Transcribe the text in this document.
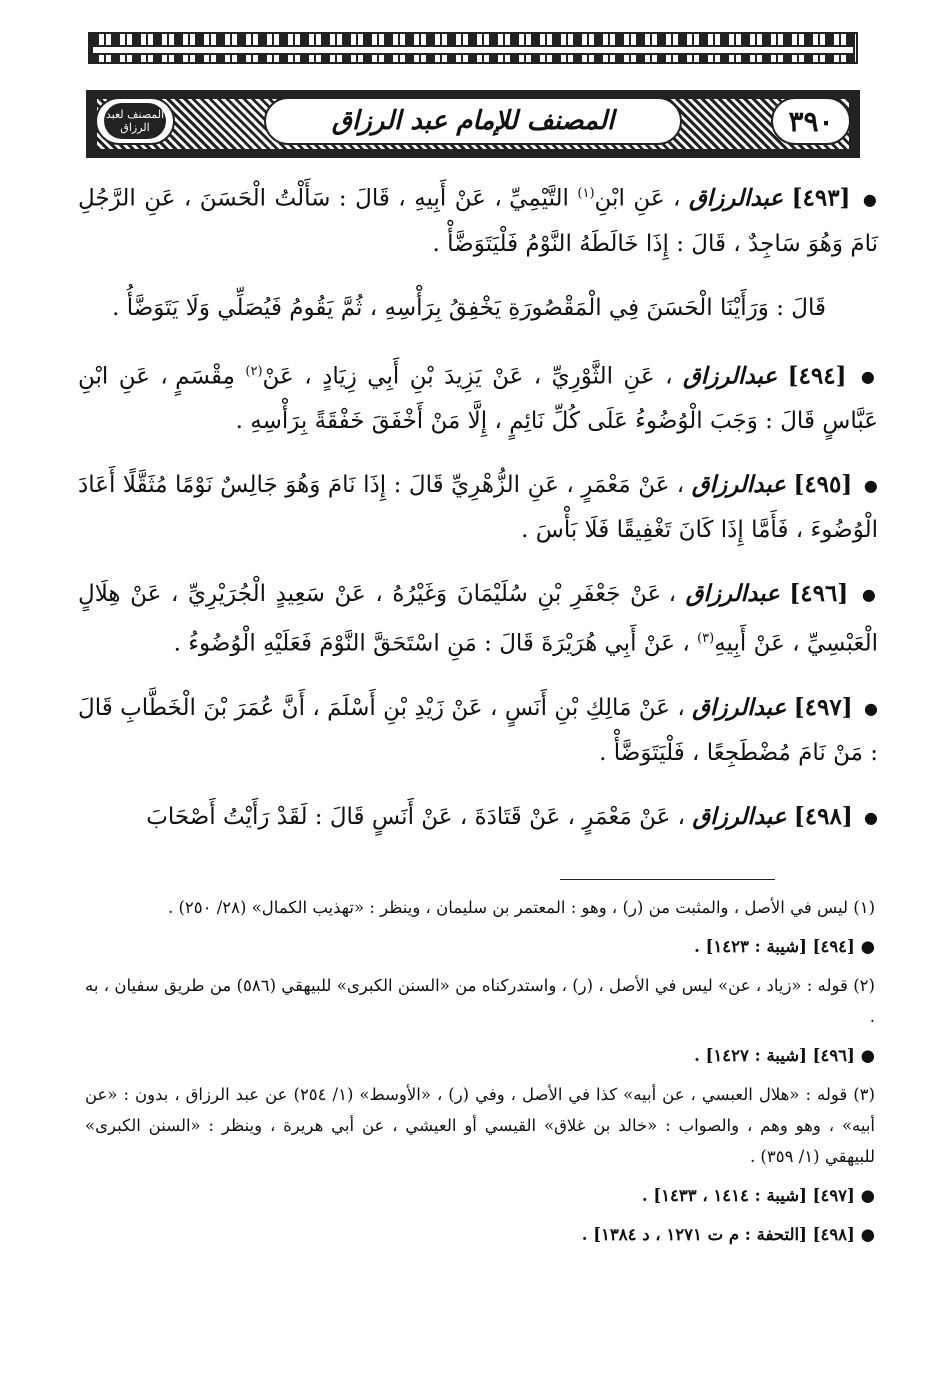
٣٩٠
المصنف للإمام عبد الرزاق
المصنف لعبد الرزاق

● [٤٩٣] عبدالرزاق ، عَنِ ابْنِ$^{(١)}$ التَّيْمِيِّ ، عَنْ أَبِيهِ ، قَالَ : سَأَلْتُ الْحَسَنَ ، عَنِ الرَّجُلِ نَامَ وَهُوَ سَاجِدٌ ، قَالَ : إِذَا خَالَطَهُ النَّوْمُ فَلْيَتَوَضَّأْ .

قَالَ : وَرَأَيْنَا الْحَسَنَ فِي الْمَقْصُورَةِ يَخْفِقُ بِرَأْسِهِ ، ثُمَّ يَقُومُ فَيُصَلِّي وَلَا يَتَوَضَّأُ .

● [٤٩٤] عبدالرزاق ، عَنِ الثَّوْرِيِّ ، عَنْ يَزِيدَ بْنِ أَبِي زِيَادٍ ، عَنْ$^{(٢)}$ مِقْسَمٍ ، عَنِ ابْنِ عَبَّاسٍ قَالَ : وَجَبَ الْوُضُوءُ عَلَى كُلِّ نَائِمٍ ، إِلَّا مَنْ أَخْفَقَ خَفْقَةً بِرَأْسِهِ .

● [٤٩٥] عبدالرزاق ، عَنْ مَعْمَرٍ ، عَنِ الزُّهْرِيِّ قَالَ : إِذَا نَامَ وَهُوَ جَالِسٌ نَوْمًا مُثَقَّلًا أَعَادَ الْوُضُوءَ ، فَأَمَّا إِذَا كَانَ تَغْفِيقًا فَلَا بَأْسَ .

● [٤٩٦] عبدالرزاق ، عَنْ جَعْفَرِ بْنِ سُلَيْمَانَ وَغَيْرُهُ ، عَنْ سَعِيدٍ الْجُرَيْرِيِّ ، عَنْ هِلَالٍ الْعَبْسِيِّ ، عَنْ أَبِيهِ$^{(٣)}$ ، عَنْ أَبِي هُرَيْرَةَ قَالَ : مَنِ اسْتَحَقَّ النَّوْمَ فَعَلَيْهِ الْوُضُوءُ .

● [٤٩٧] عبدالرزاق ، عَنْ مَالِكِ بْنِ أَنَسٍ ، عَنْ زَيْدِ بْنِ أَسْلَمَ ، أَنَّ عُمَرَ بْنَ الْخَطَّابِ قَالَ : مَنْ نَامَ مُضْطَجِعًا ، فَلْيَتَوَضَّأْ .

● [٤٩٨] عبدالرزاق ، عَنْ مَعْمَرٍ ، عَنْ قَتَادَةَ ، عَنْ أَنَسٍ قَالَ : لَقَدْ رَأَيْتُ أَصْحَابَ

(١) ليس في الأصل ، والمثبت من (ر) ، وهو : المعتمر بن سليمان ، وينظر : «تهذيب الكمال» (٢٨/ ٢٥٠) .

● [٤٩٤] [شيبة : ١٤٢٣] .

(٢) قوله : «زياد ، عن» ليس في الأصل ، (ر) ، واستدركناه من «السنن الكبرى» للبيهقي (٥٨٦) من طريق سفيان ، به .

● [٤٩٦] [شيبة : ١٤٢٧] .

(٣) قوله : «هلال العبسي ، عن أبيه» كذا في الأصل ، وفي (ر) ، «الأوسط» (١/ ٢٥٤) عن عبد الرزاق ، بدون : «عن أبيه» ، وهو وهم ، والصواب : «خالد بن غلاق» القيسي أو العيشي ، عن أبي هريرة ، وينظر : «السنن الكبرى» للبيهقي (١/ ٣٥٩) .

● [٤٩٧] [شيبة : ١٤١٤ ، ١٤٣٣] .

● [٤٩٨] [التحفة : م ت ١٢٧١ ، د ١٣٨٤] .
